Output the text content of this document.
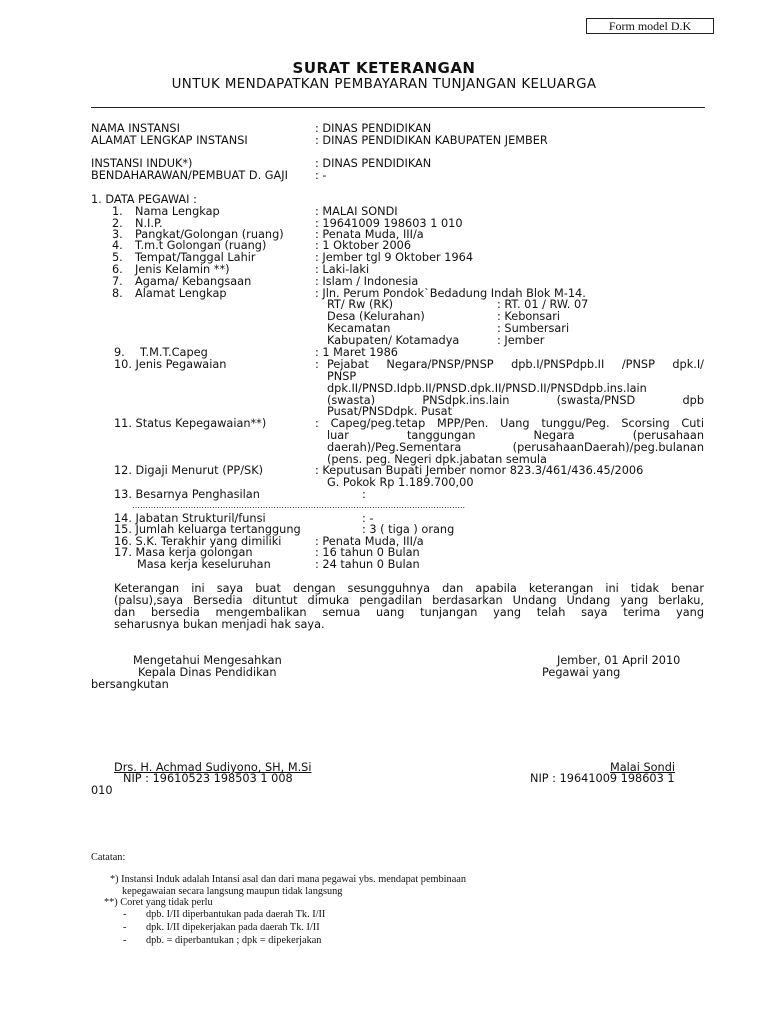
Form model D.K
SURAT KETERANGAN
UNTUK MENDAPATKAN PEMBAYARAN TUNJANGAN KELUARGA
NAMA INSTANSI	: DINAS PENDIDIKAN
ALAMAT LENGKAP INSTANSI	: DINAS PENDIDIKAN KABUPATEN JEMBER
INSTANSI INDUK*)	: DINAS PENDIDIKAN
BENDAHARAWAN/PEMBUAT D. GAJI : -
1. DATA PEGAWAI :
1. Nama Lengkap	: MALAI SONDI
2. N.I.P.	: 19641009 198603 1 010
3. Pangkat/Golongan (ruang)	: Penata Muda, III/a
4. T.m.t Golongan (ruang)	: 1 Oktober 2006
5. Tempat/Tanggal Lahir	: Jember tgl 9 Oktober 1964
6. Jenis Kelamin **)	: Laki-laki
7. Agama/ Kebangsaan	: Islam / Indonesia
8. Alamat Lengkap	: Jln. Perum Pondok`Bedadung Indah Blok M-14.
RT/ Rw (RK)	: RT. 01 / RW. 07
Desa (Kelurahan)	: Kebonsari
Kecamatan	: Sumbersari
Kabupaten/ Kotamadya	: Jember
9. T.M.T.Capeg	: 1 Maret 1986
10. Jenis Pegawaian	: Pejabat Negara/PNSP/PNSP dpb.I/PNSPdpb.II /PNSP dpk.I/
PNSP
dpk.II/PNSD.Idpb.II/PNSD.dpk.II/PNSD.II/PNSDdpb.ins.lain
(swasta) PNSdpk.ins.lain (swasta/PNSD dpb
Pusat/PNSDdpk. Pusat
11. Status Kepegawaian**)	: Capeg/peg.tetap MPP/Pen. Uang tunggu/Peg. Scorsing Cuti
luar tanggungan Negara (perusahaan
daerah)/Peg.Sementara (perusahaanDaerah)/peg.bulanan
(pens. peg. Negeri dpk.jabatan semula
12. Digaji Menurut (PP/SK)	: Keputusan Bupati Jember nomor 823.3/461/436.45/2006
G. Pokok Rp 1.189.700,00
13. Besarnya Penghasilan	:
……………………………………………………………………………………………………………..
14. Jabatan Strukturil/funsi	: -
15. Jumlah keluarga tertanggung	: 3 ( tiga ) orang
16. S.K. Terakhir yang dimiliki	: Penata Muda, III/a
17. Masa kerja golongan	: 16 tahun 0 Bulan
Masa kerja keseluruhan	: 24 tahun 0 Bulan
Keterangan ini saya buat dengan sesungguhnya dan apabila keterangan ini tidak benar
(palsu),saya Bersedia dituntut dimuka pengadilan berdasarkan Undang Undang yang berlaku,
dan bersedia mengembalikan semua uang tunjangan yang telah saya terima yang
seharusnya bukan menjadi hak saya.
Mengetahui Mengesahkan
Kepala Dinas Pendidikan
bersangkutan
Jember, 01 April 2010
Pegawai yang
Drs. H. Achmad Sudiyono, SH, M.Si
NIP : 19610523 198503 1 008
Malai Sondi
NIP : 19641009 198603 1
010
Catatan:
*) Instansi Induk adalah Intansi asal dan dari mana pegawai ybs. mendapat pembinaan
kepegawaian secara langsung maupun tidak langsung
**) Coret yang tidak perlu
- dpb. I/II diperbantukan pada daerah Tk. I/II
- dpk. I/II dipekerjakan pada daerah Tk. I/II
- dpb. = diperbantukan ; dpk = dipekerjakan
